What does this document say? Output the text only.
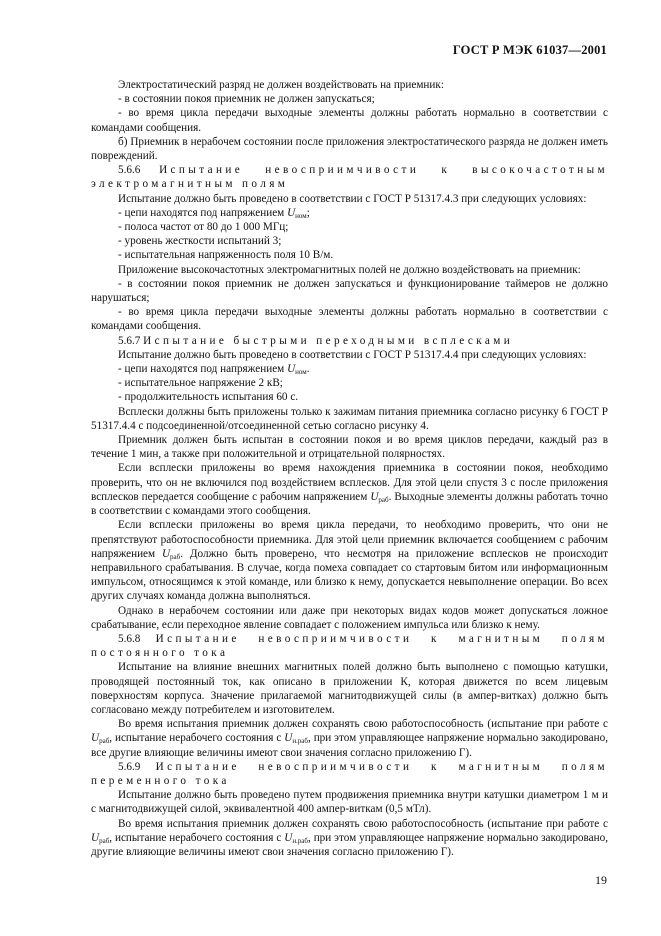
ГОСТ Р МЭК 61037—2001

Электростатический разряд не должен воздействовать на приемник:

- в состоянии покоя приемник не должен запускаться;

- во время цикла передачи выходные элементы должны работать нормально в соответствии с командами сообщения.

б) Приемник в нерабочем состоянии после приложения электростатического разряда не должен иметь повреждений.

5.6.6 Испытание невосприимчивости к высокочастотным электромагнитным полям

Испытание должно быть проведено в соответствии с ГОСТ Р 51317.4.3 при следующих условиях:

- цепи находятся под напряжением $U_{ном}$;

- полоса частот от 80 до 1 000 МГц;

- уровень жесткости испытаний 3;

- испытательная напряженность поля 10 В/м.

Приложение высокочастотных электромагнитных полей не должно воздействовать на приемник:

- в состоянии покоя приемник не должен запускаться и функционирование таймеров не должно нарушаться;

- во время цикла передачи выходные элементы должны работать нормально в соответствии с командами сообщения.

5.6.7 Испытание быстрыми переходными всплесками

Испытание должно быть проведено в соответствии с ГОСТ Р 51317.4.4 при следующих условиях:

- цепи находятся под напряжением $U_{ном}$.

- испытательное напряжение 2 кВ;

- продолжительность испытания 60 с.

Всплески должны быть приложены только к зажимам питания приемника согласно рисунку 6 ГОСТ Р 51317.4.4 с подсоединенной/отсоединенной сетью согласно рисунку 4.

Приемник должен быть испытан в состоянии покоя и во время циклов передачи, каждый раз в течение 1 мин, а также при положительной и отрицательной полярностях.

Если всплески приложены во время нахождения приемника в состоянии покоя, необходимо проверить, что он не включился под воздействием всплесков. Для этой цели спустя 3 с после приложения всплесков передается сообщение с рабочим напряжением $U_{раб}$. Выходные элементы должны работать точно в соответствии с командами этого сообщения.

Если всплески приложены во время цикла передачи, то необходимо проверить, что они не препятствуют работоспособности приемника. Для этой цели приемник включается сообщением с рабочим напряжением $U_{раб}$. Должно быть проверено, что несмотря на приложение всплесков не происходит неправильного срабатывания. В случае, когда помеха совпадает со стартовым битом или информационным импульсом, относящимся к этой команде, или близко к нему, допускается невыполнение операции. Во всех других случаях команда должна выполняться.

Однако в нерабочем состоянии или даже при некоторых видах кодов может допускаться ложное срабатывание, если переходное явление совпадает с положением импульса или близко к нему.

5.6.8 Испытание невосприимчивости к магнитным полям постоянного тока

Испытание на влияние внешних магнитных полей должно быть выполнено с помощью катушки, проводящей постоянный ток, как описано в приложении К, которая движется по всем лицевым поверхностям корпуса. Значение прилагаемой магнитодвижущей силы (в ампер-витках) должно быть согласовано между потребителем и изготовителем.

Во время испытания приемник должен сохранять свою работоспособность (испытание при работе с $U_{раб}$, испытание нерабочего состояния с $U_{н.раб}$, при этом управляющее напряжение нормально закодировано, все другие влияющие величины имеют свои значения согласно приложению Г).

5.6.9 Испытание невосприимчивости к магнитным полям переменного тока

Испытание должно быть проведено путем продвижения приемника внутри катушки диаметром 1 м и с магнитодвижущей силой, эквивалентной 400 ампер-виткам (0,5 мТл).

Во время испытания приемник должен сохранять свою работоспособность (испытание при работе с $U_{раб}$, испытание нерабочего состояния с $U_{н.раб}$, при этом управляющее напряжение нормально закодировано, другие влияющие величины имеют свои значения согласно приложению Г).

19
